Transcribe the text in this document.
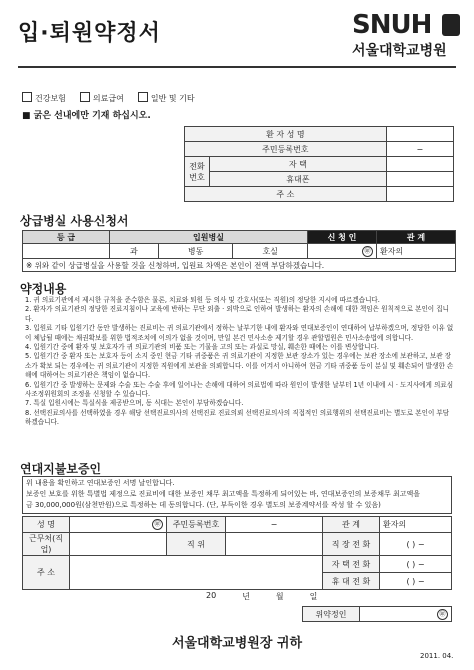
입·퇴원약정서	SNUH
서울대학교병원
건강보험	의료급여	일반 및 기타
■ 굵은 선내에만 기재 하십시오.
환 자 성 명		
주민등록번호		−
전화번호	자 택	
	휴대폰	
주 소		
상급병실 사용신청서
등 급	입원병실			신 청 인	관 계
	과	병동	호실	㊞	환자의
※ 위와 같이 상급병실을 사용할 것을 신청하며, 입원료 차액은 본인이 전액 부담하겠습니다.					
약정내용

1. 귀 의료기관에서 제시한 규칙을 준수함은 물론, 치료와 퇴원 등 의사 및 간호사(또는 직원)의 정당한 지시에 따르겠습니다.

2. 환자가 의료기관의 정당한 진료지침이나 교육에 반하는 무단 외출 · 외박으로 인하여 발생하는 환자의 손해에 대한 책임은 원칙적으로 본인이 집니다.

3. 입원료 기타 입원기간 동안 발생하는 진료비는 귀 의료기관에서 정하는 날부기한 내에 환자와 연대보증인이 연대하여 납부하겠으며, 정당한 이유 없이 체납될 때에는 채권확보를 위한 법적조치에 이의가 없을 것이며, 만일 본건 민사소송 제기할 경우 관할법원은 민사소송법에 의합니다.

4. 입원기간 중에 환자 및 보호자가 귀 의료기관의 비품 또는 기물을 고의 또는 과실로 망실, 훼손한 때에는 이를 변상합니다.

5. 입원기간 중 환자 또는 보호자 등이 소지 중인 현금 기타 귀중품은 귀 의료기관이 지정한 보관 장소가 있는 경우에는 보관 장소에 보관하고, 보관 장소가 확보 되는 경우에는 귀 의료기관이 지정한 직원에게 보관을 의뢰합니다. 이를 어겨서 아니하여 현금 기타 귀중품 등이 분실 및 훼손되어 발생한 손해에 대하여는 의료기관은 책임이 없습니다.

6. 입원기간 중 발생하는 문제와 수술 또는 수술 후에 일어나는 손해에 대하여 의료법에 따라 원인이 발생한 날부터 1년 이내에 시 · 도지사에게 의료심사조정위원회의 조정을 신청할 수 있습니다.

7. 특실 입원시에는 특실식을 제공받으며, 동 식대는 본인이 부담하겠습니다.

8. 선택진료의사를 선택하였을 경우 해당 선택진료의사의 선택진료 진료의뢰 선택진료의사의 직접적인 의료행위의 선택진료비는 별도로 본인이 부담하겠습니다.

연대지불보증인
위 내용을 확인하고 연대보증인 서명 날인합니다.
보증인 보호를 위한 특별법 제정으로 진료비에 대한 보증인 채무 최고액을 특정하게 되어있는 바, 연대보증인의 보증채무 최고액을
금 30,000,000원(삼천만원)으로 특정하는 데 동의합니다. (단, 부득이한 경우 별도의 보증계약서를 작성 할 수 있음)
성 명	㊞	주민등록번호	−	관 계	환자의
근무처(직업)		직 위		직 장 전 화	( ) −
주 소				자 택 전 화	( ) −
				휴 대 전 화	( ) −
20	년	월	일
위약정인	㊞
서울대학교병원장 귀하
2011. 04.
